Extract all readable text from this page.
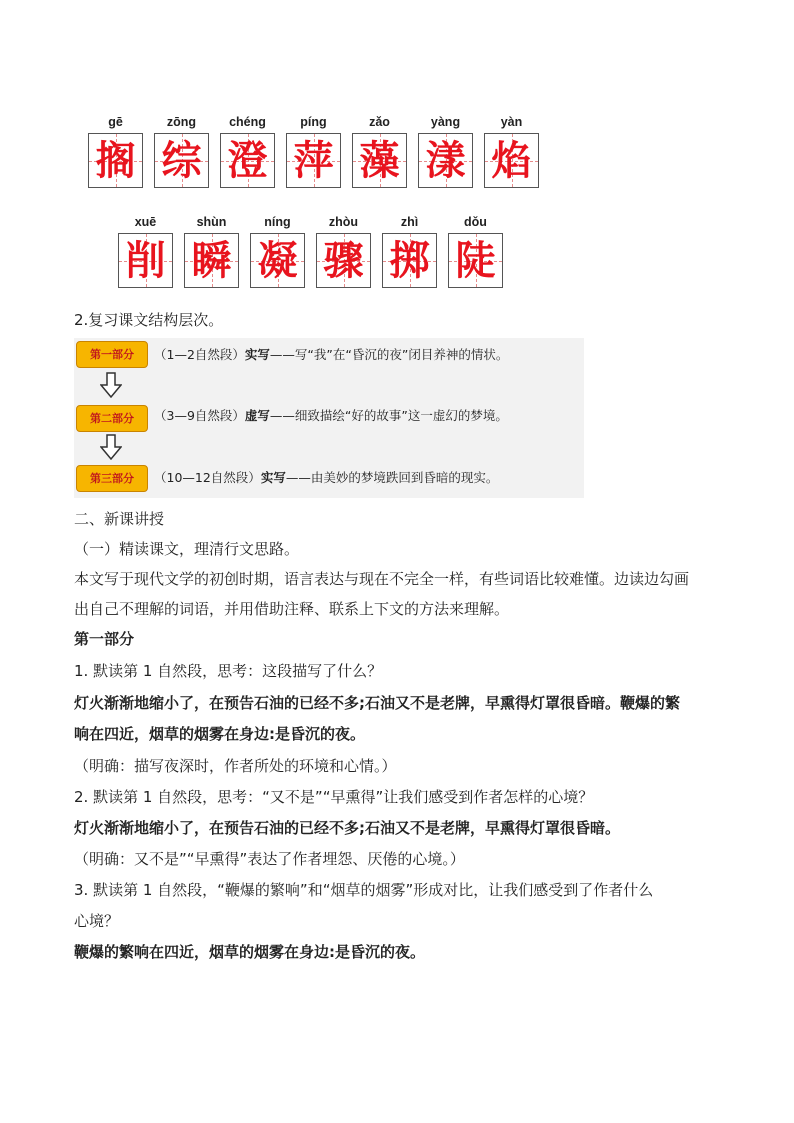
gē
搁
zōng
综
chéng
澄
píng
萍
zǎo
藻
yàng
漾
yàn
焰
xuē
削
shùn
瞬
níng
凝
zhòu
骤
zhì
掷
dǒu
陡
2.复习课文结构层次。
第一部分	（1—2自然段）实写——写“我”在“昏沉的夜”闭目养神的情状。
第二部分	（3—9自然段）虚写——细致描绘“好的故事”这一虚幻的梦境。
第三部分	（10—12自然段）实写——由美妙的梦境跌回到昏暗的现实。
二、新课讲授
（一）精读课文，理清行文思路。
本文写于现代文学的初创时期，语言表达与现在不完全一样，有些词语比较难懂。边读边勾画
出自己不理解的词语，并用借助注释、联系上下文的方法来理解。
第一部分
1. 默读第 1 自然段，思考：这段描写了什么？
灯火渐渐地缩小了，在预告石油的已经不多;石油又不是老牌，早熏得灯罩很昏暗。鞭爆的繁
响在四近，烟草的烟雾在身边:是昏沉的夜。
（明确：描写夜深时，作者所处的环境和心情。）
2. 默读第 1 自然段，思考：“又不是”“早熏得”让我们感受到作者怎样的心境？
灯火渐渐地缩小了，在预告石油的已经不多;石油又不是老牌，早熏得灯罩很昏暗。
（明确：又不是”“早熏得”表达了作者埋怨、厌倦的心境。）
3. 默读第 1 自然段，“鞭爆的繁响”和“烟草的烟雾”形成对比，让我们感受到了作者什么
心境？
鞭爆的繁响在四近，烟草的烟雾在身边:是昏沉的夜。
